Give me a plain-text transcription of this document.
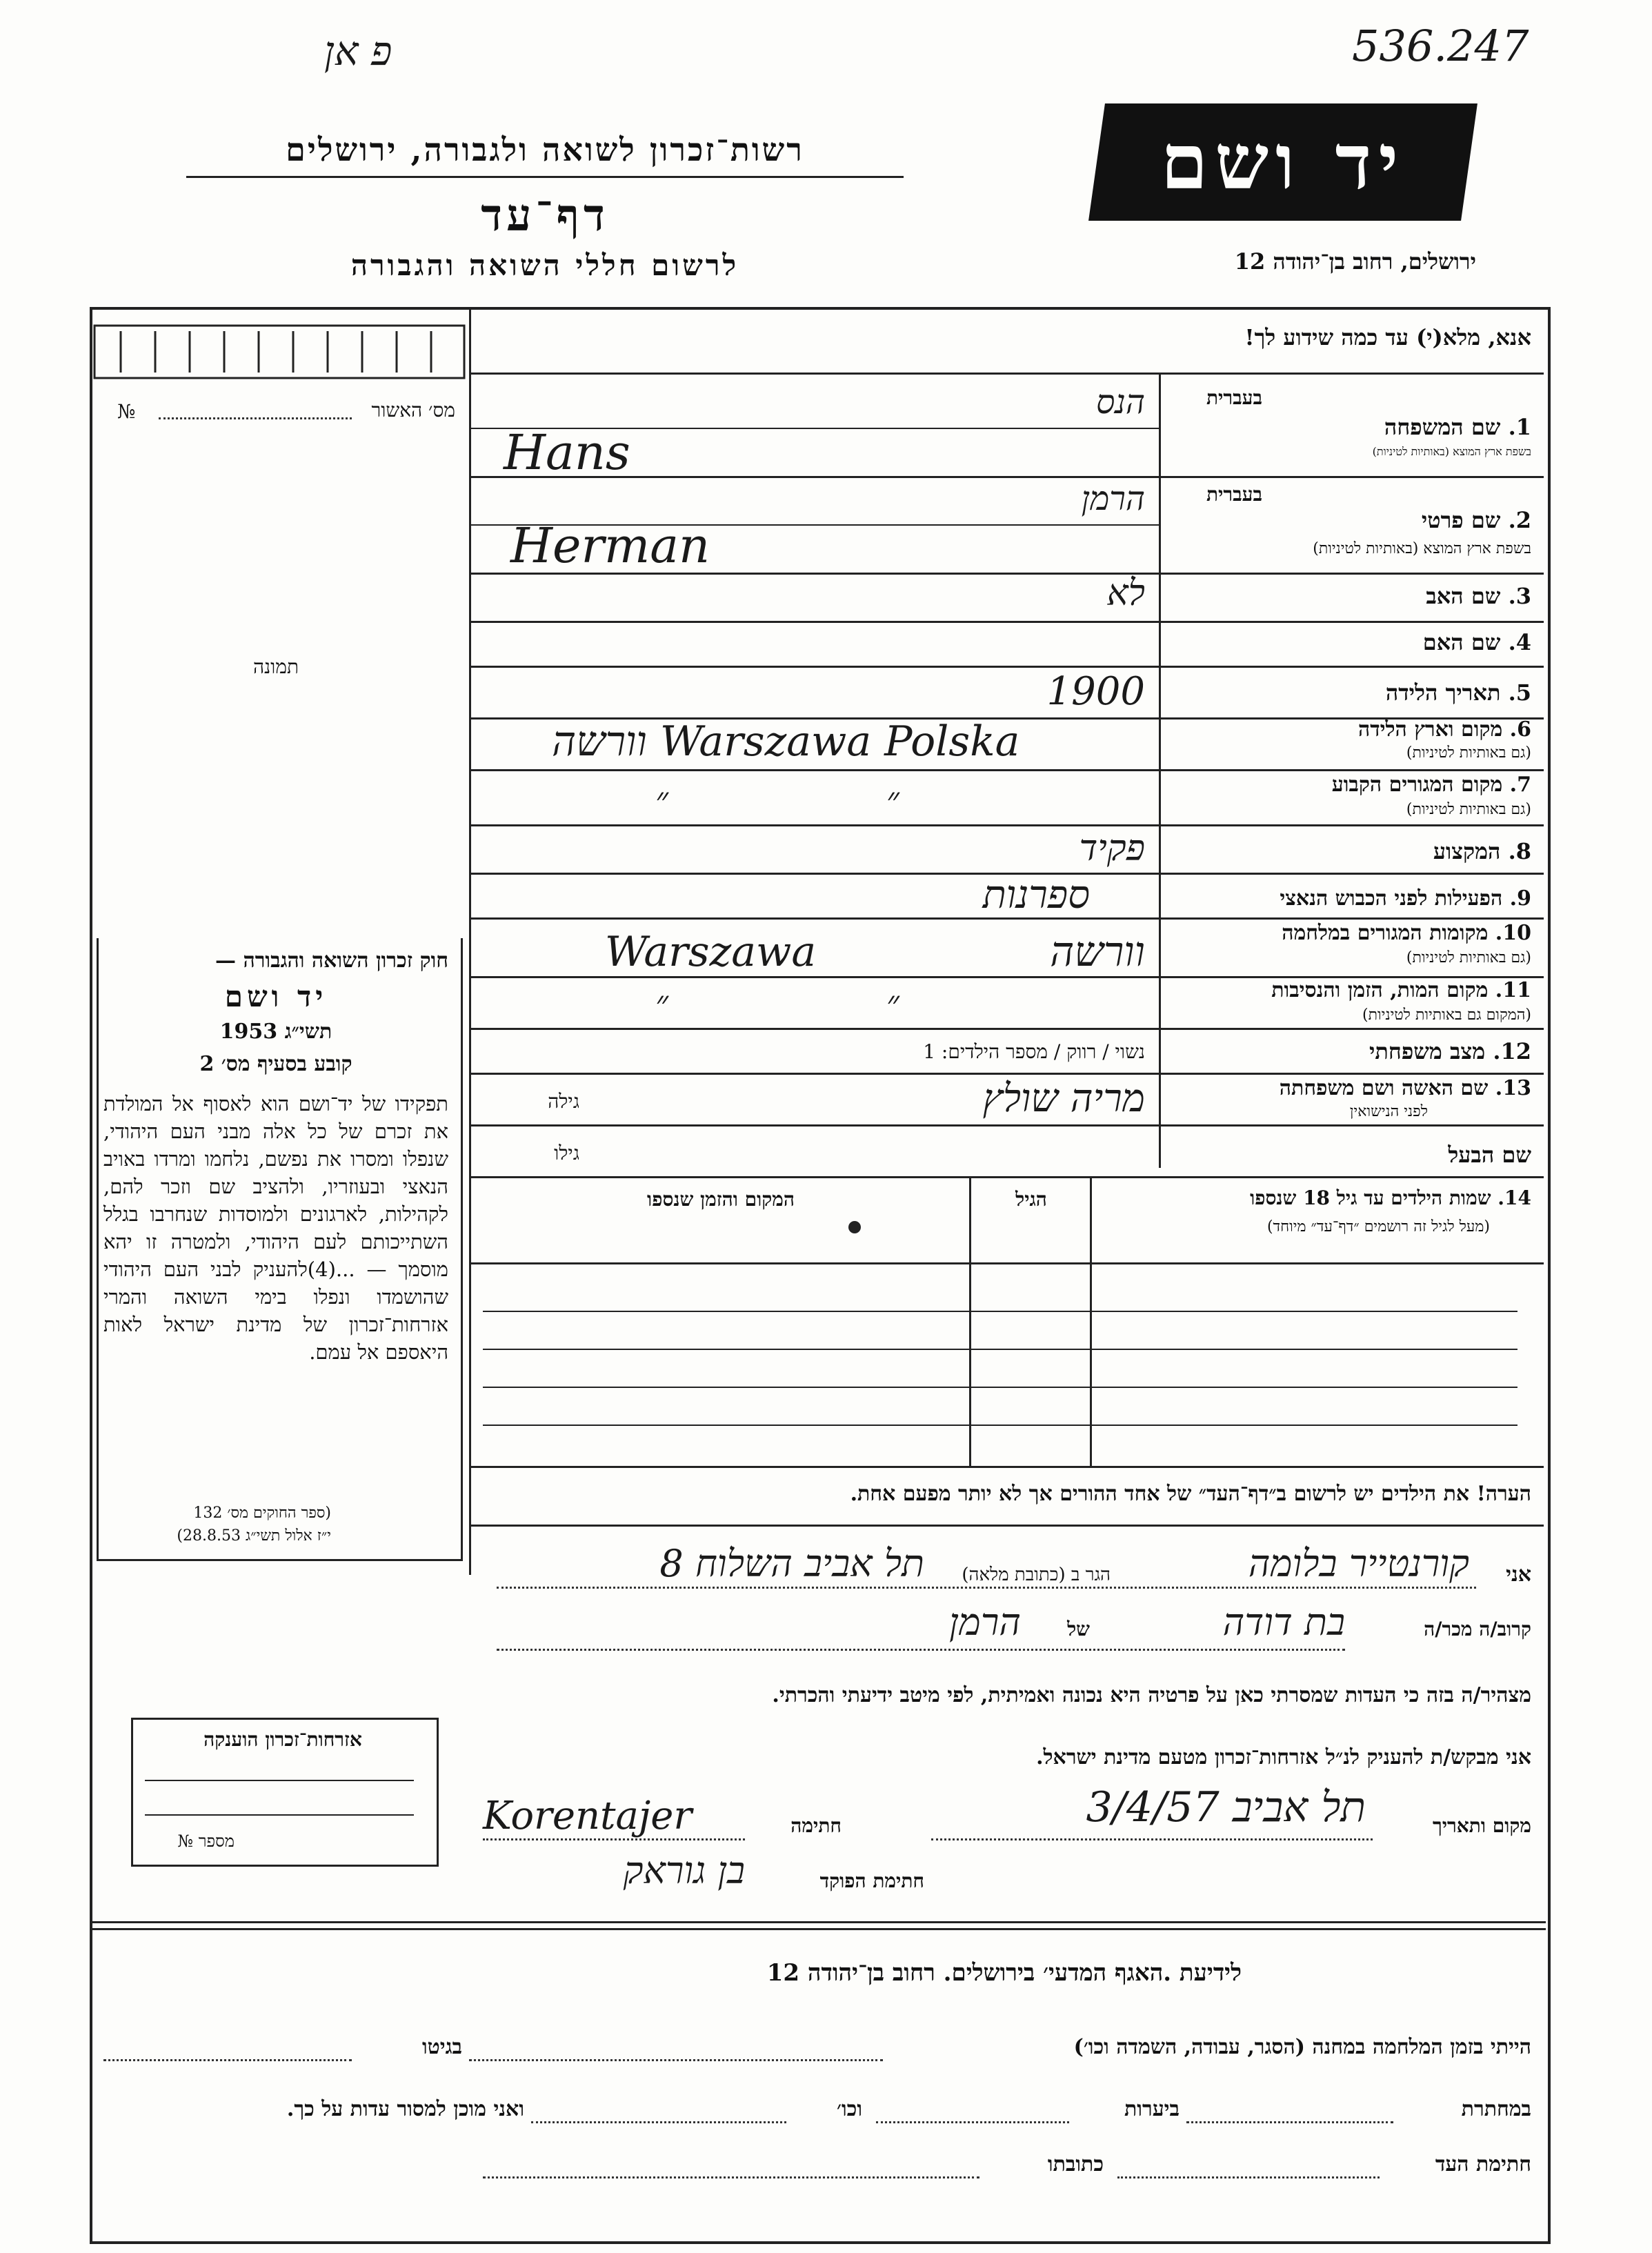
פ אן	536.247
רשות־זכרון לשואה ולגבורה, ירושלים
דף־עד
לרשום חללי השואה והגבורה
יד ושם
ירושלים, רחוב בן־יהודה 12
אנא, מלא(י) עד כמה שידוע לך!
№	מס׳ האשור
תמונה
חוק זכרון השואה והגבורה —
יד ושם
תשי״ג 1953
קובע בסעיף מס׳ 2
תפקידו של יד־ושם הוא לאסוף אל המולדת את זכרם של כל אלה מבני העם היהודי, שנפלו ומסרו את נפשם, נלחמו ומרדו באויב הנאצי ובעוזריו, ולהציב שם וזכר להם, לקהילות, לארגונים ולמוסדות שנחרבו בגלל השתייכותם לעם היהודי, ולמטרה זו יהא מוסמך — ...(4)להעניק לבני העם היהודי שהושמדו ונפלו בימי השואה והמרי אזרחות־זכרון של מדינת ישראל לאות היאספם אל עמם.
(ספר החוקים מס׳ 132
י״ז אלול תשי״ג 28.8.53)
אזרחות־זכרון הוענקה
מספר №
1. שם המשפחה
בשפת ארץ המוצא (באותיות לטיניות)
בעברית
הנס
Hans
2. שם פרטי
בשפת ארץ המוצא (באותיות לטיניות)
בעברית
הרמן
Herman
3. שם האב
לא
4. שם האם
5. תאריך הלידה
1900
6. מקום וארץ הלידה
(גם באותיות לטיניות)
וורשה Warszawa Polska
7. מקום המגורים הקבוע
(גם באותיות לטיניות)
״ ״
8. המקצוע
פקיד
9. הפעילות לפני הכבוש הנאצי
ספרנות
10. מקומות המגורים במלחמה
(גם באותיות לטיניות)
וורשה Warszawa
11. מקום המות, הזמן והנסיבות
(המקום גם באותיות לטיניות)
״ ״
12. מצב משפחתי
נשוי / רווק / מספר הילדים: 1
13. שם האשה ושם משפחתה
לפני הנישואין
מריה שולץ
גילה
שם הבעל
גילו
14. שמות הילדים עד גיל 18 שנספו
(מעל לגיל זה רושמים ״דף־עד״ מיוחד)
הגיל
המקום והזמן שנספו
הערה! את הילדים יש לרשום ב״דף־העד״ של אחד ההורים אך לא יותר מפעם אחת.
אני
קורנטייר בלומה
הגר ב (כתובת מלאה)
תל אביב השלוח 8
קרוב/ה מכר/ה
בת דודה
של
הרמן
מצהיר/ה בזה כי העדות שמסרתי כאן על פרטיה היא נכונה ואמיתית, לפי מיטב ידיעתי והכרתי.
אני מבקש/ת להעניק לנ״ל אזרחות־זכרון מטעם מדינת ישראל.
מקום ותאריך
תל אביב 3/4/57
חתימה
Korentajer
חתימת הפוקד
בן גוראק
לידיעת .האגף המדעי׳ בירושלים. רחוב בן־יהודה 12
הייתי בזמן המלחמה במחנה (הסגר, עבודה, השמדה וכו׳)
בגיטו
במחתרת
ביערות
וכו׳
ואני מוכן למסור עדות על כך.
חתימת העד
כתובתו
